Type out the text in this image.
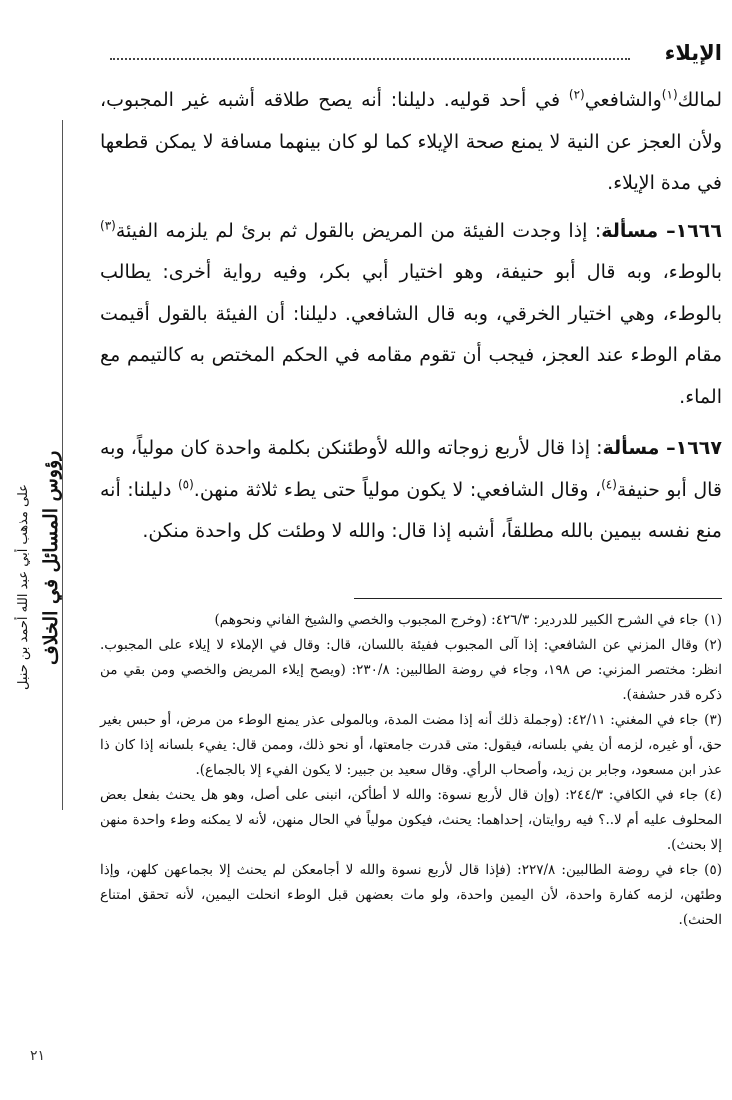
الإيلاء
رؤوس المسائل في الخلاف
على مذهب أبي عبد الله أحمد بن حنبل

لمالك$^{(١)}$والشافعي$^{(٢)}$ في أحد قوليه. دليلنا: أنه يصح طلاقه أشبه غير المجبوب، ولأن العجز عن النية لا يمنع صحة الإيلاء كما لو كان بينهما مسافة لا يمكن قطعها في مدة الإيلاء.

١٦٦٦– مسألة: إذا وجدت الفيئة من المريض بالقول ثم برئ لم يلزمه الفيئة$^{(٣)}$ بالوطء، وبه قال أبو حنيفة، وهو اختيار أبي بكر، وفيه رواية أخرى: يطالب بالوطء، وهي اختيار الخرقي، وبه قال الشافعي. دليلنا: أن الفيئة بالقول أقيمت مقام الوطء عند العجز، فيجب أن تقوم مقامه في الحكم المختص به كالتيمم مع الماء.

١٦٦٧– مسألة: إذا قال لأربع زوجاته والله لأوطئنكن بكلمة واحدة كان مولياً، وبه قال أبو حنيفة$^{(٤)}$، وقال الشافعي: لا يكون مولياً حتى يطء ثلاثة منهن.$^{(٥)}$ دليلنا: أنه منع نفسه بيمين بالله مطلقاً، أشبه إذا قال: والله لا وطئت كل واحدة منكن.

(١)جاء في الشرح الكبير للدردير: ٤٢٦/٣: (وخرج المجبوب والخصي والشيخ الفاني ونحوهم)

(٢)وقال المزني عن الشافعي: إذا آلى المجبوب ففيئة باللسان، قال: وقال في الإملاء لا إيلاء على المجبوب. انظر: مختصر المزني: ص ١٩٨، وجاء في روضة الطالبين: ٢٣٠/٨: (ويصح إيلاء المريض والخصي ومن بقي من ذكره قدر حشفة).

(٣)جاء في المغني: ٤٢/١١: (وجملة ذلك أنه إذا مضت المدة، وبالمولى عذر يمنع الوطء من مرض، أو حبس بغير حق، أو غيره، لزمه أن يفي بلسانه، فيقول: متى قدرت جامعتها، أو نحو ذلك، وممن قال: يفيء بلسانه إذا كان ذا عذر ابن مسعود، وجابر بن زيد، وأصحاب الرأي. وقال سعيد بن جبير: لا يكون الفيء إلا بالجماع).

(٤)جاء في الكافي: ٢٤٤/٣: (وإن قال لأربع نسوة: والله لا أطأكن، انبنى على أصل، وهو هل يحنث بفعل بعض المحلوف عليه أم لا..؟ فيه روايتان، إحداهما: يحنث، فيكون مولياً في الحال منهن، لأنه لا يمكنه وطء واحدة منهن إلا بحنث).

(٥)جاء في روضة الطالبين: ٢٢٧/٨: (فإذا قال لأربع نسوة والله لا أجامعكن لم يحنث إلا بجماعهن كلهن، وإذا وطئهن، لزمه كفارة واحدة، لأن اليمين واحدة، ولو مات بعضهن قبل الوطء انحلت اليمين، لأنه تحقق امتناع الحنث).

٢١
